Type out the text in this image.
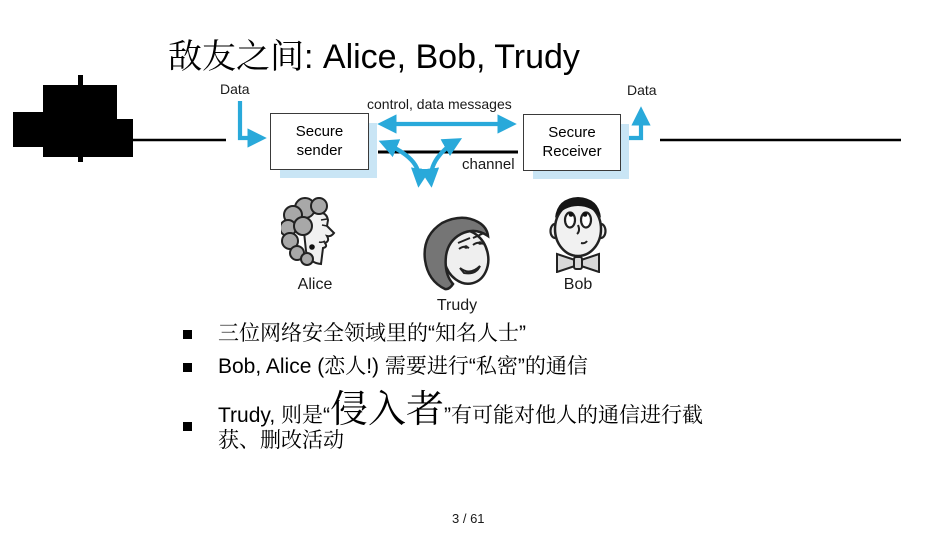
敌友之间: Alice, Bob, Trudy
Secure
sender
Secure
Receiver
Data	Data
control, data messages
channel
Alice
Trudy
Bob
三位网络安全领域里的“知名人士”
Bob, Alice (恋人!) 需要进行“私密”的通信
Trudy, 则是“侵入者”有可能对他人的通信进行截获、删改活动
3 / 61
